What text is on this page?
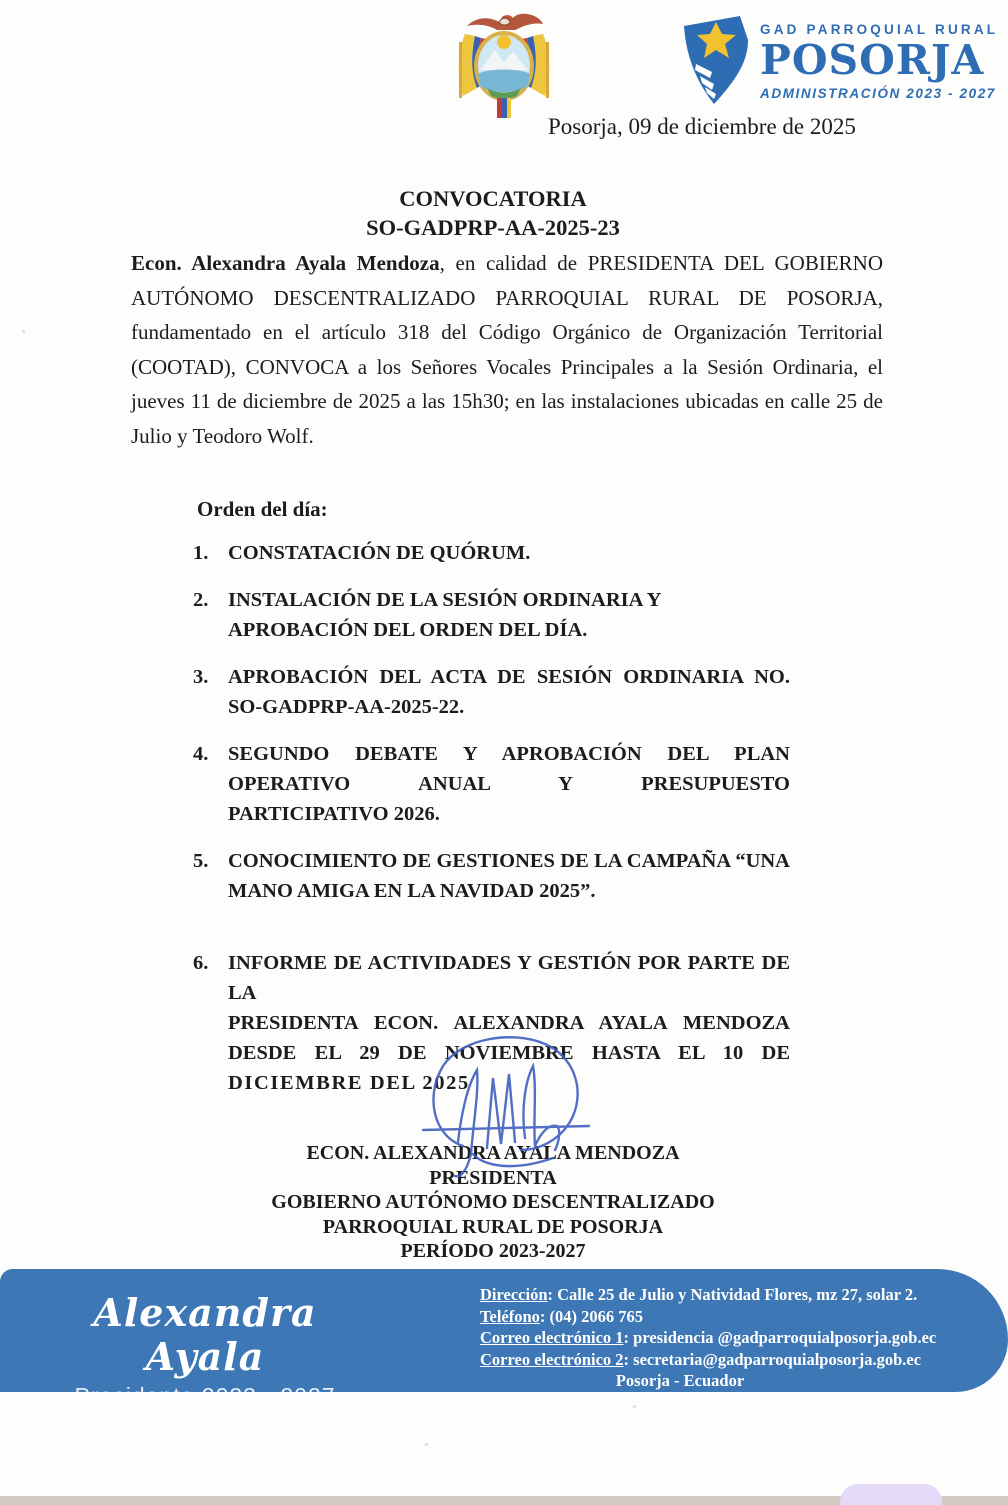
GAD PARROQUIAL RURAL
POSORJA
ADMINISTRACIÓN 2023 - 2027
Posorja, 09 de diciembre de 2025
CONVOCATORIA
SO-GADPRP-AA-2025-23
Econ. Alexandra Ayala Mendoza, en calidad de PRESIDENTA DEL GOBIERNO
AUTÓNOMO DESCENTRALIZADO PARROQUIAL RURAL DE POSORJA,
fundamentado en el artículo 318 del Código Orgánico de Organización Territorial
(COOTAD), CONVOCA a los Señores Vocales Principales a la Sesión Ordinaria, el
jueves 11 de diciembre de 2025 a las 15h30; en las instalaciones ubicadas en calle 25 de
Julio y Teodoro Wolf.
Orden del día:
1. CONSTATACIÓN DE QUÓRUM.
2. INSTALACIÓN DE LA SESIÓN ORDINARIA Y
APROBACIÓN DEL ORDEN DEL DÍA.
3. APROBACIÓN DEL ACTA DE SESIÓN ORDINARIA NO.
SO-GADPRP-AA-2025-22.
4. SEGUNDO DEBATE Y APROBACIÓN DEL PLAN
OPERATIVO ANUAL Y PRESUPUESTO
PARTICIPATIVO 2026.
5. CONOCIMIENTO DE GESTIONES DE LA CAMPAÑA “UNA
MANO AMIGA EN LA NAVIDAD 2025”.
6. INFORME DE ACTIVIDADES Y GESTIÓN POR PARTE DE LA
PRESIDENTA ECON. ALEXANDRA AYALA MENDOZA
DESDE EL 29 DE NOVIEMBRE HASTA EL 10 DE
DICIEMBRE DEL 2025
ECON. ALEXANDRA AYALA MENDOZA
PRESIDENTA
GOBIERNO AUTÓNOMO DESCENTRALIZADO
PARROQUIAL RURAL DE POSORJA
PERÍODO 2023-2027
Alexandra Ayala
Presidenta 2023 - 2027
¡Juntos Seguiremos Haciendo Historia!
Dirección: Calle 25 de Julio y Natividad Flores, mz 27, solar 2.
Teléfono: (04) 2066 765
Correo electrónico 1: presidencia @gadparroquialposorja.gob.ec
Correo electrónico 2: secretaria@gadparroquialposorja.gob.ec
Posorja - Ecuador
